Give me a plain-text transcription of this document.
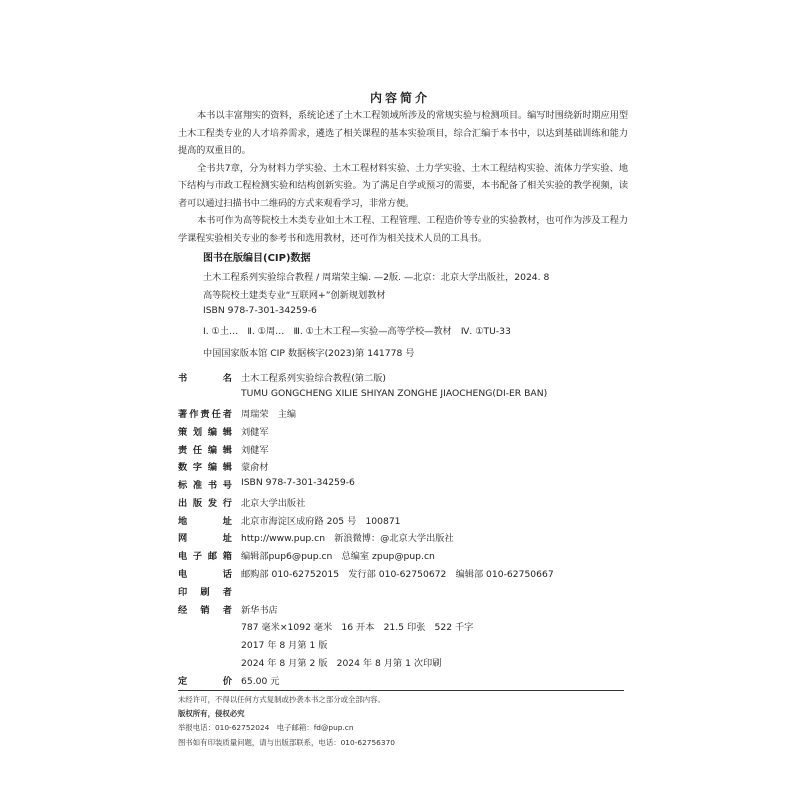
内容简介

本书以丰富翔实的资料，系统论述了土木工程领域所涉及的常规实验与检测项目。编写时围绕新时期应用型土木工程类专业的人才培养需求，遴选了相关课程的基本实验项目，综合汇编于本书中，以达到基础训练和能力提高的双重目的。

全书共7章，分为材料力学实验、土木工程材料实验、土力学实验、土木工程结构实验、流体力学实验、地下结构与市政工程检测实验和结构创新实验。为了满足自学或预习的需要，本书配备了相关实验的教学视频，读者可以通过扫描书中二维码的方式来观看学习，非常方便。

本书可作为高等院校土木类专业如土木工程、工程管理、工程造价等专业的实验教材，也可作为涉及工程力学课程实验相关专业的参考书和选用教材，还可作为相关技术人员的工具书。

图书在版编目(CIP)数据
土木工程系列实验综合教程 / 周瑞荣主编. —2版. —北京：北京大学出版社，2024. 8
高等院校土建类专业“互联网+”创新规划教材
ISBN 978-7-301-34259-6
Ⅰ. ①土…　Ⅱ. ①周…　Ⅲ. ①土木工程—实验—高等学校—教材　Ⅳ. ①TU-33
中国国家版本馆 CIP 数据核字(2023)第 141778 号
书名 土木工程系列实验综合教程(第二版)
TUMU GONGCHENG XILIE SHIYAN ZONGHE JIAOCHENG(DI-ER BAN)
著作责任者 周瑞荣　主编
策划编辑 刘健军
责任编辑 刘健军
数字编辑 蒙俞材
标准书号 ISBN 978-7-301-34259-6
出版发行 北京大学出版社
地址 北京市海淀区成府路 205 号　100871
网址 http://www.pup.cn　新浪微博：@北京大学出版社
电子邮箱 编辑部pup6@pup.cn　总编室 zpup@pup.cn
电话 邮购部 010-62752015　发行部 010-62750672　编辑部 010-62750667
印刷者
经销者 新华书店
787 毫米×1092 毫米　16 开本　21.5 印张　522 千字
2017 年 8 月第 1 版
2024 年 8 月第 2 版　2024 年 8 月第 1 次印刷
定价 65.00 元
未经许可，不得以任何方式复制或抄袭本书之部分或全部内容。
版权所有，侵权必究
举报电话：010-62752024　电子邮箱：fd@pup.cn
图书如有印装质量问题，请与出版部联系，电话：010-62756370
